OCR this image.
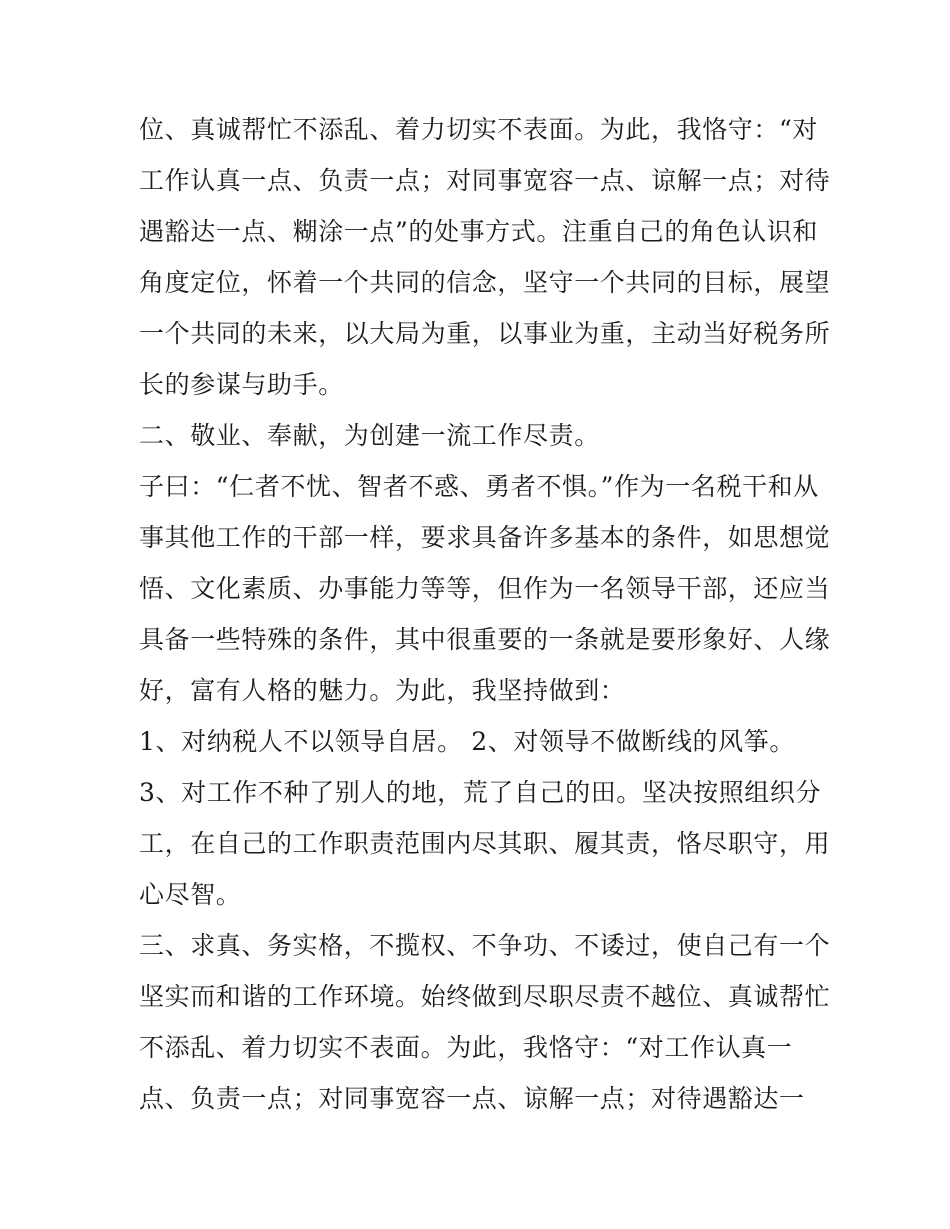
位、真诚帮忙不添乱、着力切实不表面。为此，我恪守：“对
工作认真一点、负责一点；对同事宽容一点、谅解一点；对待
遇豁达一点、糊涂一点”的处事方式。注重自己的角色认识和
角度定位，怀着一个共同的信念，坚守一个共同的目标，展望
一个共同的未来，以大局为重，以事业为重，主动当好税务所
长的参谋与助手。
二、敬业、奉献，为创建一流工作尽责。
子曰：“仁者不忧、智者不惑、勇者不惧。”作为一名税干和从
事其他工作的干部一样，要求具备许多基本的条件，如思想觉
悟、文化素质、办事能力等等，但作为一名领导干部，还应当
具备一些特殊的条件，其中很重要的一条就是要形象好、人缘
好，富有人格的魅力。为此，我坚持做到：
1、对纳税人不以领导自居。 2、对领导不做断线的风筝。
3、对工作不种了别人的地，荒了自己的田。坚决按照组织分
工，在自己的工作职责范围内尽其职、履其责，恪尽职守，用
心尽智。
三、求真、务实格，不揽权、不争功、不诿过，使自己有一个
坚实而和谐的工作环境。始终做到尽职尽责不越位、真诚帮忙
不添乱、着力切实不表面。为此，我恪守：“对工作认真一
点、负责一点；对同事宽容一点、谅解一点；对待遇豁达一
